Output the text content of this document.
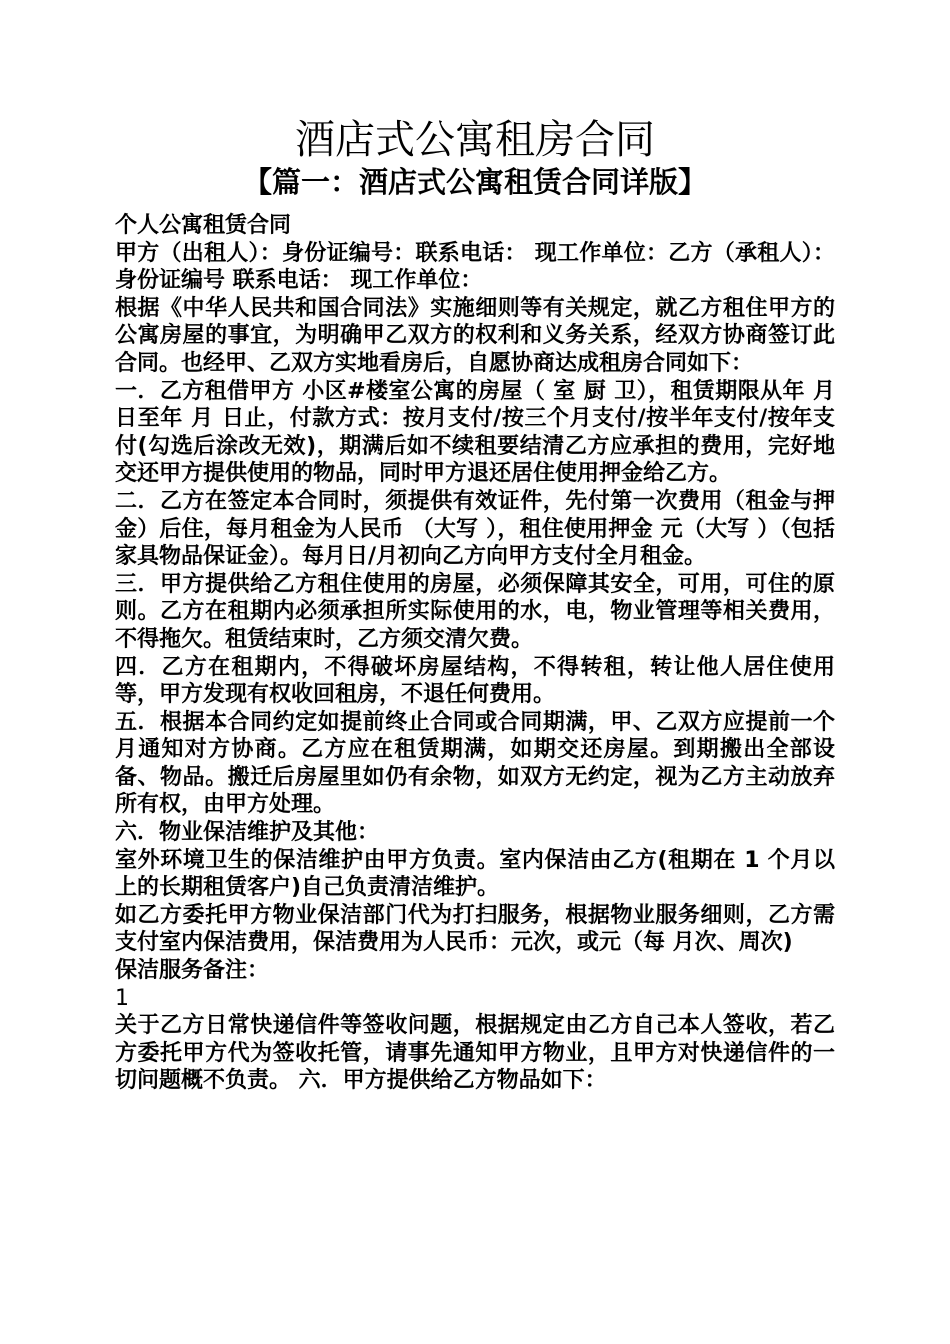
酒店式公寓租房合同
【篇一：酒店式公寓租赁合同详版】

个人公寓租赁合同

甲方（出租人）：身份证编号：联系电话： 现工作单位：乙方（承租人）： 身份证编号 联系电话： 现工作单位：

根据《中华人民共和国合同法》实施细则等有关规定，就乙方租住甲方的公寓房屋的事宜，为明确甲乙双方的权利和义务关系，经双方协商签订此合同。也经甲、乙双方实地看房后，自愿协商达成租房合同如下：

一．乙方租借甲方 小区#楼室公寓的房屋（ 室 厨 卫），租赁期限从年 月 日至年 月 日止，付款方式：按月支付/按三个月支付/按半年支付/按年支付(勾选后涂改无效)，期满后如不续租要结清乙方应承担的费用，完好地交还甲方提供使用的物品，同时甲方退还居住使用押金给乙方。

二．乙方在签定本合同时，须提供有效证件，先付第一次费用（租金与押金）后住，每月租金为人民币 （大写 ），租住使用押金 元（大写 ）（包括家具物品保证金）。每月日/月初向乙方向甲方支付全月租金。

三．甲方提供给乙方租住使用的房屋，必须保障其安全，可用，可住的原则。乙方在租期内必须承担所实际使用的水，电，物业管理等相关费用，不得拖欠。租赁结束时，乙方须交清欠费。

四．乙方在租期内，不得破坏房屋结构，不得转租，转让他人居住使用等，甲方发现有权收回租房，不退任何费用。

五．根据本合同约定如提前终止合同或合同期满，甲、乙双方应提前一个月通知对方协商。乙方应在租赁期满，如期交还房屋。到期搬出全部设备、物品。搬迁后房屋里如仍有余物，如双方无约定，视为乙方主动放弃所有权，由甲方处理。

六．物业保洁维护及其他：

室外环境卫生的保洁维护由甲方负责。室内保洁由乙方(租期在 1 个月以上的长期租赁客户)自己负责清洁维护。

如乙方委托甲方物业保洁部门代为打扫服务，根据物业服务细则，乙方需支付室内保洁费用，保洁费用为人民币：元次，或元（每 月次、周次)

保洁服务备注：

1

关于乙方日常快递信件等签收问题，根据规定由乙方自己本人签收，若乙方委托甲方代为签收托管，请事先通知甲方物业，且甲方对快递信件的一切问题概不负责。 六．甲方提供给乙方物品如下：
